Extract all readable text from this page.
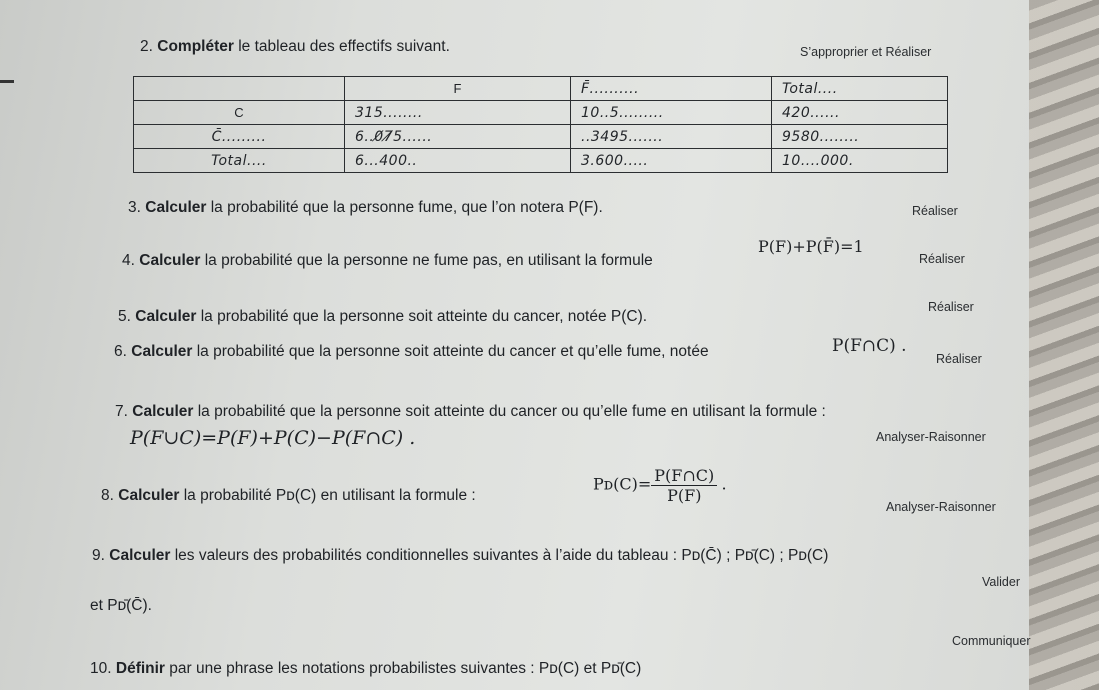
2. Compléter le tableau des effectifs suivant.	S’approprier et Réaliser
	F	F̄..........	Total....
C	315........	10..5.........	420......
C̄.........	6..0̸7̸5......	..3495.......	9580........
Total....	6...400..	3.600.....	10....000.
3. Calculer la probabilité que la personne fume, que l’on notera P(F).	Réaliser
4. Calculer la probabilité que la personne ne fume pas, en utilisant la formule
P(F)+P(F̄)=1
Réaliser
5. Calculer la probabilité que la personne soit atteinte du cancer, notée P(C).
Réaliser
6. Calculer la probabilité que la personne soit atteinte du cancer et qu’elle fume, notée	P(F∩C) .
Réaliser
7. Calculer la probabilité que la personne soit atteinte du cancer ou qu’elle fume en utilisant la formule :
P(F∪C)=P(F)+P(C)−P(F∩C) .	Analyser-Raisonner
8. Calculer la probabilité Pᴅ(C) en utilisant la formule :
Pᴅ(C)= $\frac{P(F\cap C)}{P(F)}$ .
Analyser-Raisonner
9. Calculer les valeurs des probabilités conditionnelles suivantes à l’aide du tableau : Pᴅ(C̄) ; Pᴅ̄(C) ; Pᴅ(C)
et Pᴅ̄(C̄).
Valider
10. Définir par une phrase les notations probabilistes suivantes : Pᴅ(C) et Pᴅ̄(C)
Communiquer
